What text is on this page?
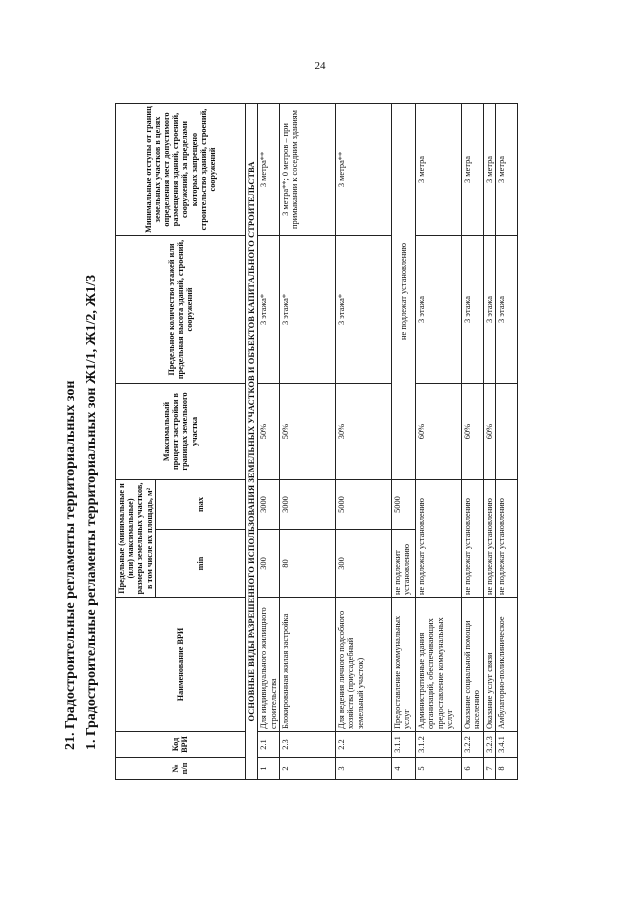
24
21. Градостроительные регламенты территориальных зон 1. Градостроительные регламенты территориальных зон Ж1/1, Ж1/2, Ж1/3
№ п/п	Код ВРИ	Наименование ВРИ	Предельные (минимальные и (или) максимальные) размеры земельных участков, в том числе их площадь, м²		Максимальный процент застройки в границах земельного участка	Предельное количество этажей или предельная высота зданий, строений, сооружений	Минимальные отступы от границ земельных участков в целях определения мест допустимого размещения зданий, строений, сооружений, за пределами которых запрещено строительство зданий, строений, сооружений
			min	max			
ОСНОВНЫЕ ВИДЫ РАЗРЕШЕННОГО ИСПОЛЬЗОВАНИЯ ЗЕМЕЛЬНЫХ УЧАСТКОВ И ОБЪЕКТОВ КАПИТАЛЬНОГО СТРОИТЕЛЬСТВА							
1	2.1	Для индивидуального жилищного строительства	300	3000	50%	3 этажа*	3 метра**
2	2.3	Блокированная жилая застройка	80	3000	50%	3 этажа*	3 метра**; 0 метров – при примыкании к соседним зданиям
3	2.2	Для ведения личного подсобного хозяйства (приусадебный земельный участок)	300	5000	30%	3 этажа*	3 метра**
4	3.1.1	Предоставление коммунальных услуг	не подлежит установлению	5000	не подлежат установлению		
5	3.1.2	Административные здания организаций, обеспечивающих предоставление коммунальных услуг	не подлежат установлению		60%	3 этажа	3 метра
6	3.2.2	Оказание социальной помощи населению	не подлежат установлению		60%	3 этажа	3 метра
7	3.2.3	Оказание услуг связи	не подлежат установлению		60%	3 этажа	3 метра
8	3.4.1	Амбулаторно-поликлиническое	не подлежат установлению			3 этажа	3 метра
